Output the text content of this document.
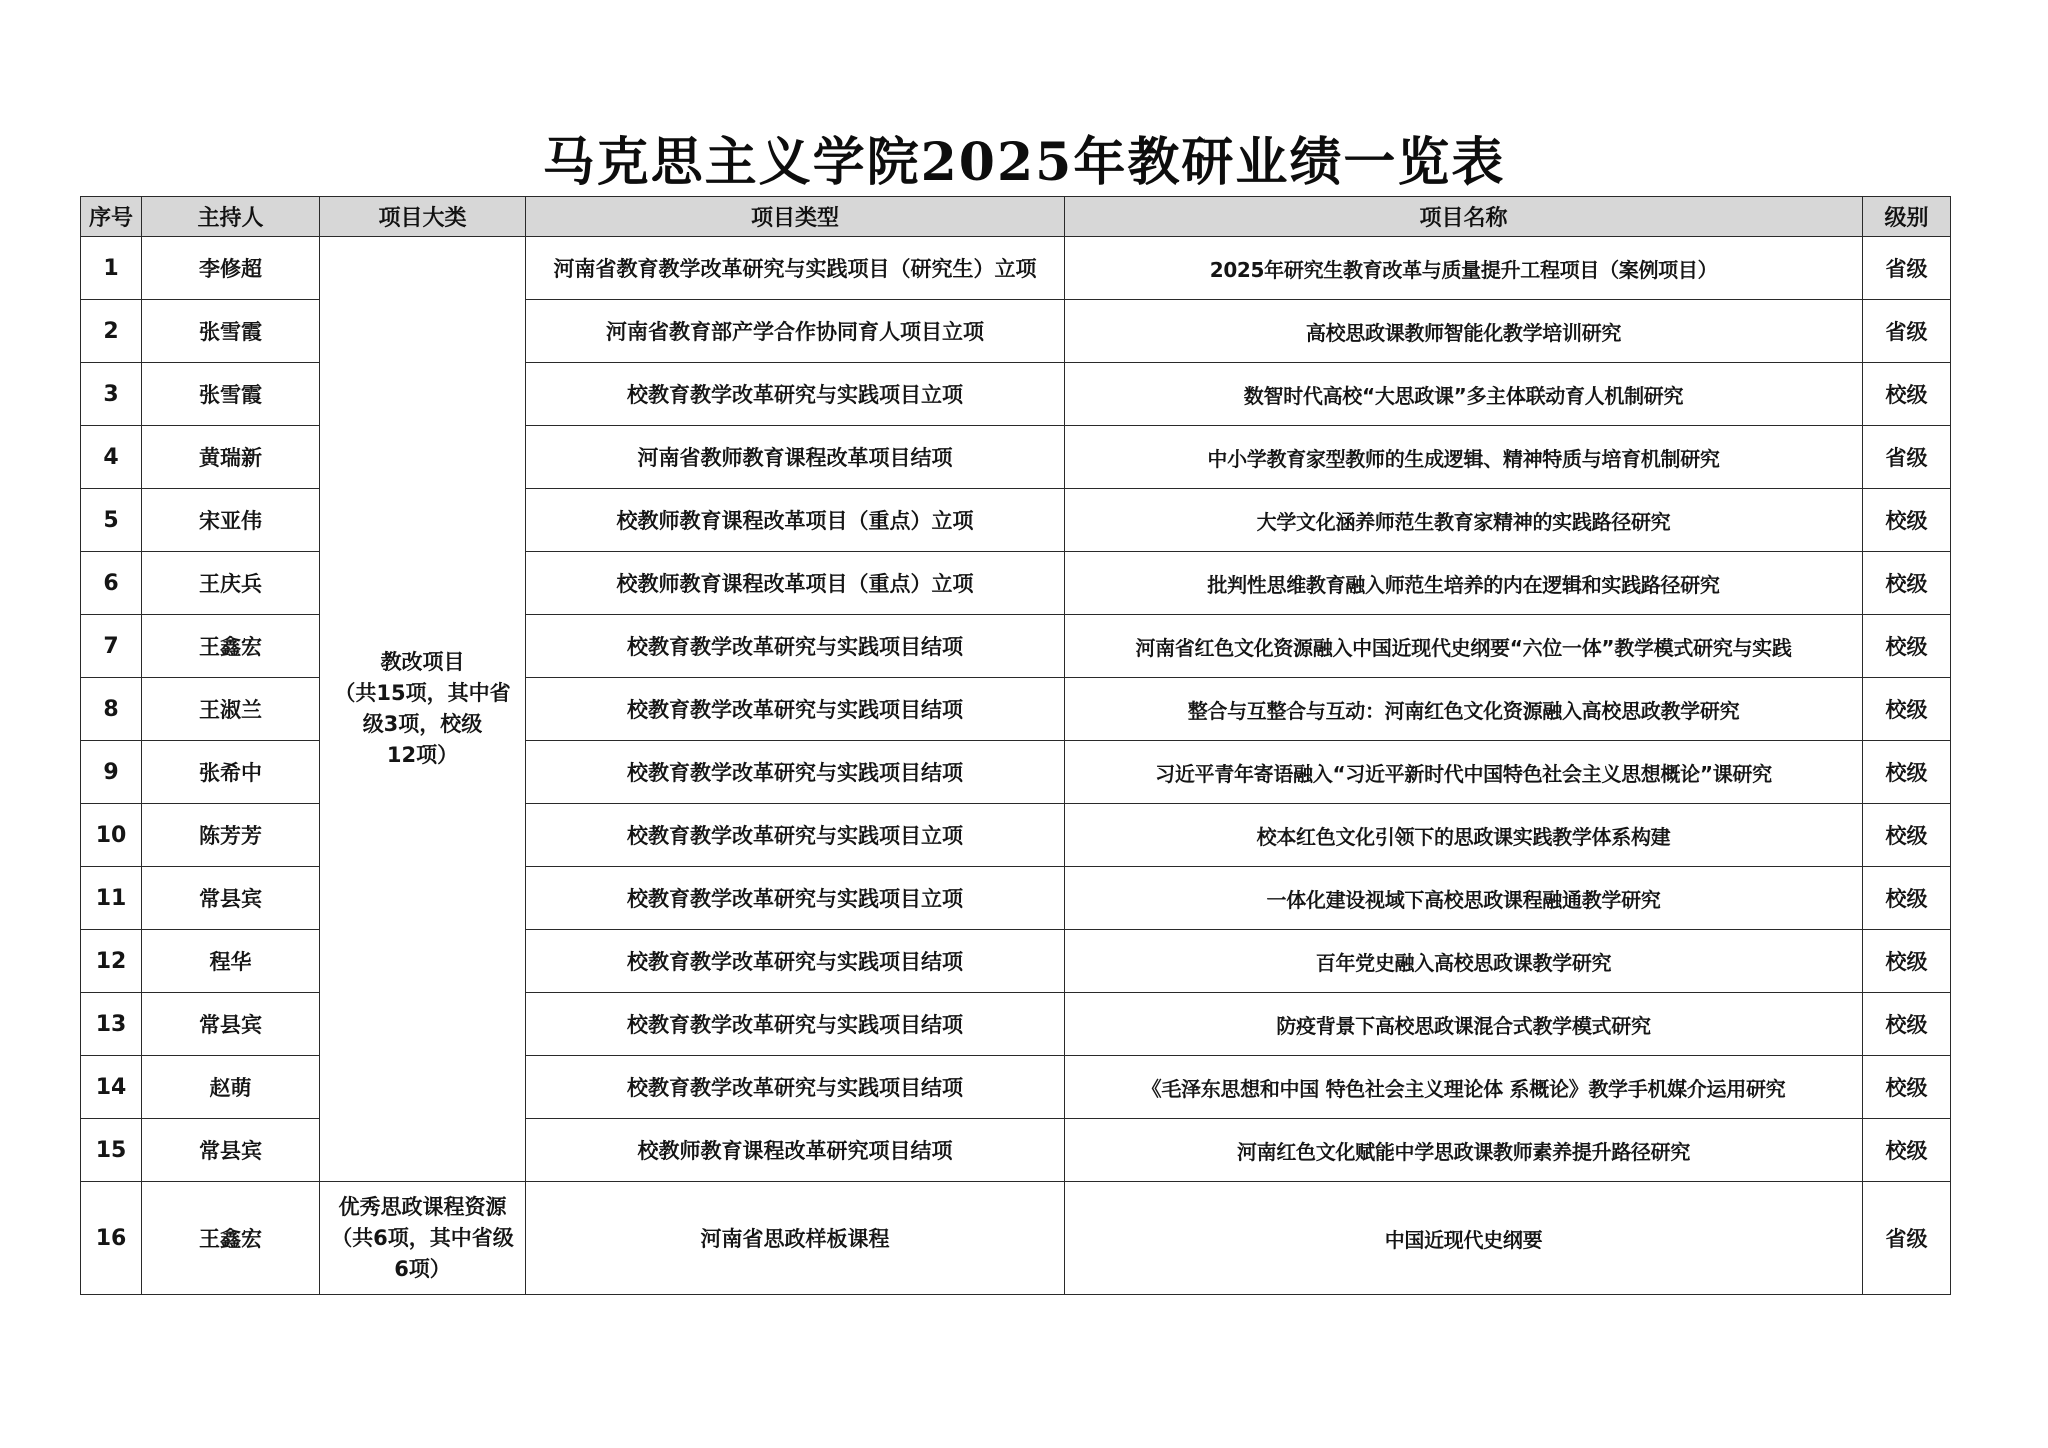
马克思主义学院2025年教研业绩一览表
序号	主持人	项目大类	项目类型	项目名称	级别
1	李修超	教改项目
（共15项，其中省
级3项，校级
12项）	河南省教育教学改革研究与实践项目（研究生）立项	2025年研究生教育改革与质量提升工程项目（案例项目）	省级
2	张雪霞		河南省教育部产学合作协同育人项目立项	高校思政课教师智能化教学培训研究	省级
3	张雪霞		校教育教学改革研究与实践项目立项	数智时代高校“大思政课”多主体联动育人机制研究	校级
4	黄瑞新		河南省教师教育课程改革项目结项	中小学教育家型教师的生成逻辑、精神特质与培育机制研究	省级
5	宋亚伟		校教师教育课程改革项目（重点）立项	大学文化涵养师范生教育家精神的实践路径研究	校级
6	王庆兵		校教师教育课程改革项目（重点）立项	批判性思维教育融入师范生培养的内在逻辑和实践路径研究	校级
7	王鑫宏		校教育教学改革研究与实践项目结项	河南省红色文化资源融入中国近现代史纲要“六位一体”教学模式研究与实践	校级
8	王淑兰		校教育教学改革研究与实践项目结项	整合与互整合与互动：河南红色文化资源融入高校思政教学研究	校级
9	张希中		校教育教学改革研究与实践项目结项	习近平青年寄语融入“习近平新时代中国特色社会主义思想概论”课研究	校级
10	陈芳芳		校教育教学改革研究与实践项目立项	校本红色文化引领下的思政课实践教学体系构建	校级
11	常县宾		校教育教学改革研究与实践项目立项	一体化建设视域下高校思政课程融通教学研究	校级
12	程华		校教育教学改革研究与实践项目结项	百年党史融入高校思政课教学研究	校级
13	常县宾		校教育教学改革研究与实践项目结项	防疫背景下高校思政课混合式教学模式研究	校级
14	赵萌		校教育教学改革研究与实践项目结项	《毛泽东思想和中国 特色社会主义理论体 系概论》教学手机媒介运用研究	校级
15	常县宾		校教师教育课程改革研究项目结项	河南红色文化赋能中学思政课教师素养提升路径研究	校级
16	王鑫宏	优秀思政课程资源
（共6项，其中省级
6项）	河南省思政样板课程	中国近现代史纲要	省级
